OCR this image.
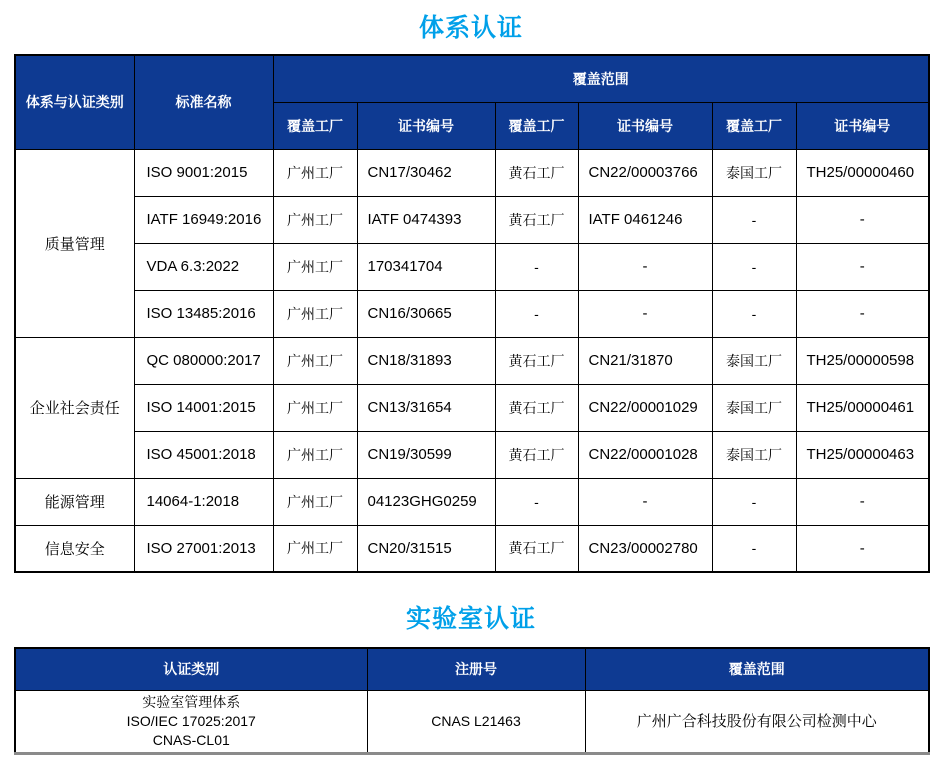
体系认证
体系与认证类别	标准名称	覆盖范围					
		覆盖工厂	证书编号	覆盖工厂	证书编号	覆盖工厂	证书编号
质量管理	ISO 9001:2015	广州工厂	CN17/30462	黄石工厂	CN22/00003766	泰国工厂	TH25/00000460
	IATF 16949:2016	广州工厂	IATF 0474393	黄石工厂	IATF 0461246	-	-
	VDA 6.3:2022	广州工厂	170341704	-	-	-	-
	ISO 13485:2016	广州工厂	CN16/30665	-	-	-	-
企业社会责任	QC 080000:2017	广州工厂	CN18/31893	黄石工厂	CN21/31870	泰国工厂	TH25/00000598
	ISO 14001:2015	广州工厂	CN13/31654	黄石工厂	CN22/00001029	泰国工厂	TH25/00000461
	ISO 45001:2018	广州工厂	CN19/30599	黄石工厂	CN22/00001028	泰国工厂	TH25/00000463
能源管理	14064-1:2018	广州工厂	04123GHG0259	-	-	-	-
信息安全	ISO 27001:2013	广州工厂	CN20/31515	黄石工厂	CN23/00002780	-	-
实验室认证
认证类别	注册号	覆盖范围

实验室管理体系
ISO/IEC 17025:2017
CNAS-CL01	CNAS L21463	广州广合科技股份有限公司检测中心
